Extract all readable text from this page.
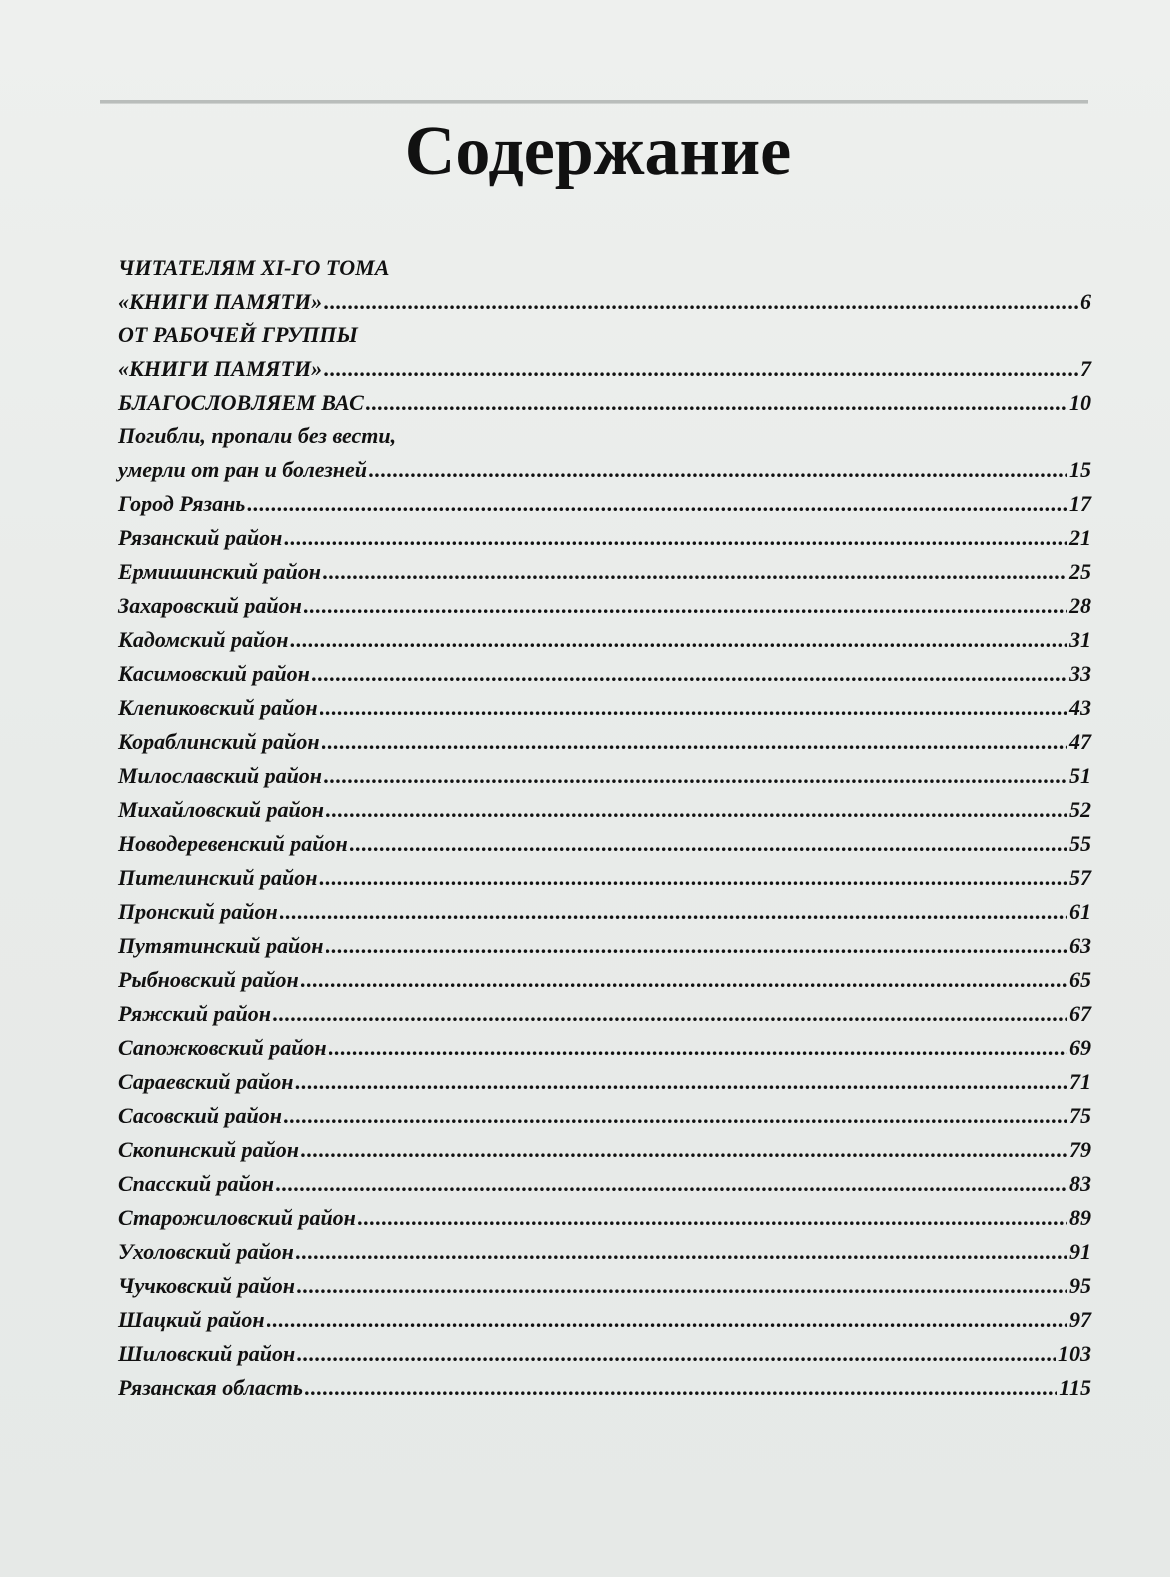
Содержание
ЧИТАТЕЛЯМ XI-ГО ТОМА
«КНИГИ ПАМЯТИ» .....	6
ОТ РАБОЧЕЙ ГРУППЫ
«КНИГИ ПАМЯТИ» .....	7
БЛАГОСЛОВЛЯЕМ ВАС .....	10
Погибли, пропали без вести,
умерли от ран и болезней .....	15
Город Рязань .....	17
Рязанский район .....	21
Ермишинский район .....	25
Захаровский район .....	28
Кадомский район .....	31
Касимовский район .....	33
Клепиковский район .....	43
Кораблинский район .....	47
Милославский район .....	51
Михайловский район .....	52
Новодеревенский район .....	55
Пителинский район .....	57
Пронский район .....	61
Путятинский район .....	63
Рыбновский район .....	65
Ряжский район .....	67
Сапожковский район .....	69
Сараевский район .....	71
Сасовский район .....	75
Скопинский район .....	79
Спасский район .....	83
Старожиловский район .....	89
Ухоловский район .....	91
Чучковский район .....	95
Шацкий район .....	97
Шиловский район .....	103
Рязанская область .....	115
